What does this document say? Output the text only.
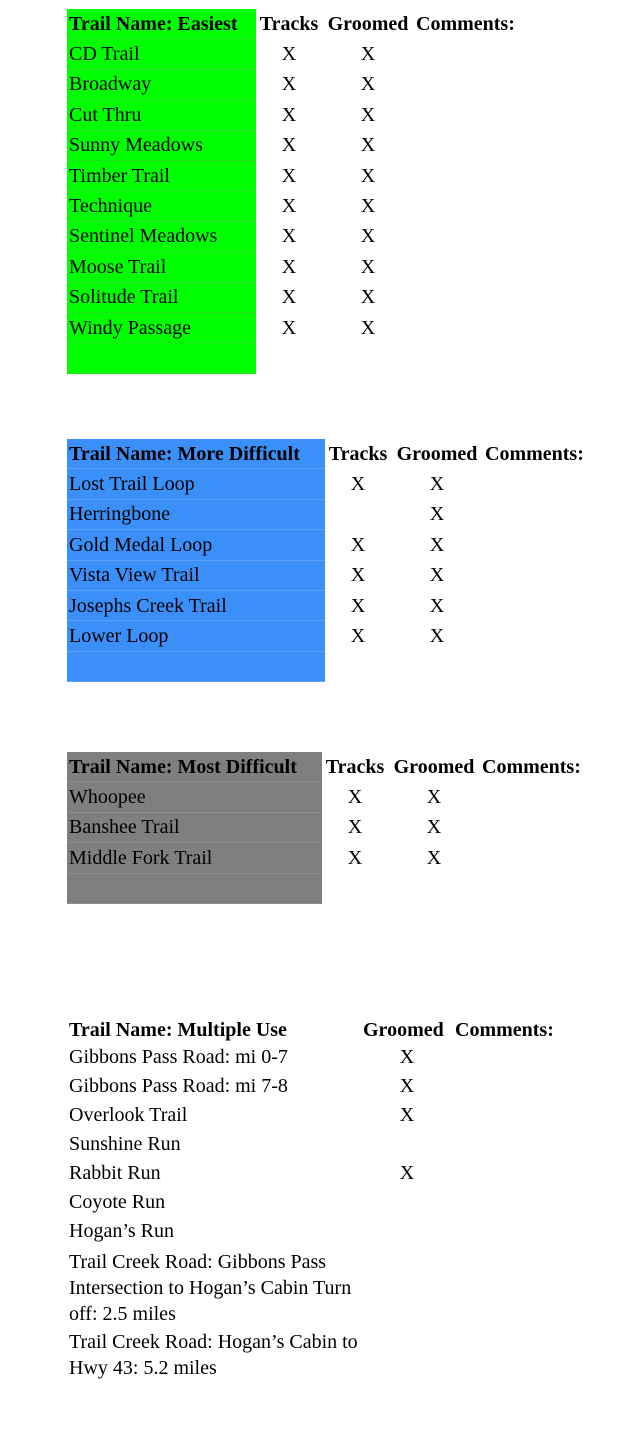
Trail Name: Easiest	Tracks	Groomed	Comments:
CD Trail	X	X	
Broadway	X	X	
Cut Thru	X	X	
Sunny Meadows	X	X	
Timber Trail	X	X	
Technique	X	X	
Sentinel Meadows	X	X	
Moose Trail	X	X	
Solitude Trail	X	X	
Windy Passage	X	X	

Trail Name: More Difficult	Tracks	Groomed	Comments:
Lost Trail Loop	X	X	
Herringbone		X	
Gold Medal Loop	X	X	
Vista View Trail	X	X	
Josephs Creek Trail	X	X	
Lower Loop	X	X	

Trail Name: Most Difficult	Tracks	Groomed	Comments:
Whoopee	X	X	
Banshee Trail	X	X	
Middle Fork Trail	X	X	

Trail Name: Multiple Use	Groomed	Comments:
Gibbons Pass Road: mi 0-7	X	
Gibbons Pass Road: mi 7-8	X	
Overlook Trail	X	
Sunshine Run		
Rabbit Run	X	
Coyote Run		
Hogan’s Run		
Trail Creek Road: Gibbons Pass Intersection to Hogan’s Cabin Turn off: 2.5 miles		
Trail Creek Road: Hogan’s Cabin to Hwy 43: 5.2 miles		
